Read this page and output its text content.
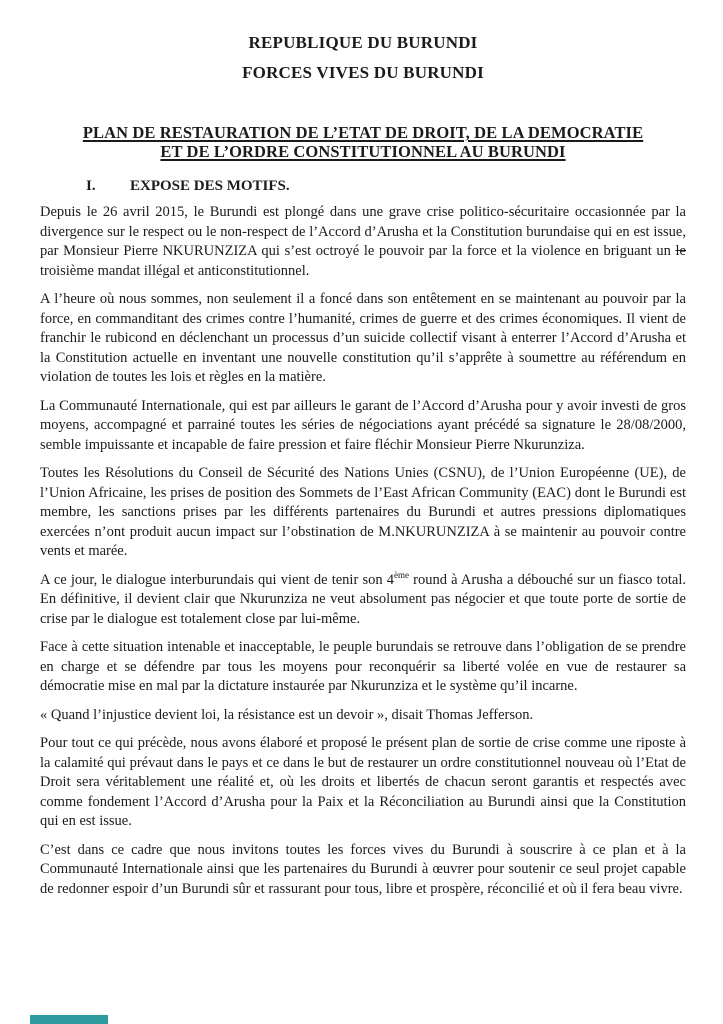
REPUBLIQUE DU BURUNDI
FORCES VIVES DU BURUNDI
PLAN DE RESTAURATION DE L’ETAT DE DROIT, DE LA DEMOCRATIE
ET DE L’ORDRE CONSTITUTIONNEL AU BURUNDI
I.	EXPOSE DES MOTIFS.

Depuis le 26 avril 2015, le Burundi est plongé dans une grave crise politico-sécuritaire occasionnée par la divergence sur le respect ou le non-respect de l’Accord d’Arusha et la Constitution burundaise qui en est issue, par Monsieur Pierre NKURUNZIZA qui s’est octroyé le pouvoir par la force et la violence en briguant un le troisième mandat illégal et anticonstitutionnel.

A l’heure où nous sommes, non seulement il a foncé dans son entêtement en se maintenant au pouvoir par la force, en commanditant des crimes contre l’humanité, crimes de guerre et des crimes économiques. Il vient de franchir le rubicond en déclenchant un processus d’un suicide collectif visant à enterrer l’Accord d’Arusha et la Constitution actuelle en inventant une nouvelle constitution qu’il s’apprête à soumettre au référendum en violation de toutes les lois et règles en la matière.

La Communauté Internationale, qui est par ailleurs le garant de l’Accord d’Arusha pour y avoir investi de gros moyens, accompagné et parrainé toutes les séries de négociations ayant précédé sa signature le 28/08/2000, semble impuissante et incapable de faire pression et faire fléchir Monsieur Pierre Nkurunziza.

Toutes les Résolutions du Conseil de Sécurité des Nations Unies (CSNU), de l’Union Européenne (UE), de l’Union Africaine, les prises de position des Sommets de l’East African Community (EAC) dont le Burundi est membre, les sanctions prises par les différents partenaires du Burundi et autres pressions diplomatiques exercées n’ont produit aucun impact sur l’obstination de M.NKURUNZIZA à se maintenir au pouvoir contre vents et marée.

A ce jour, le dialogue interburundais qui vient de tenir son 4ème round à Arusha a débouché sur un fiasco total. En définitive, il devient clair que Nkurunziza ne veut absolument pas négocier et que toute porte de sortie de crise par le dialogue est totalement close par lui-même.

Face à cette situation intenable et inacceptable, le peuple burundais se retrouve dans l’obligation de se prendre en charge et se défendre par tous les moyens pour reconquérir sa liberté volée en vue de restaurer sa démocratie mise en mal par la dictature instaurée par Nkurunziza et le système qu’il incarne.

« Quand l’injustice devient loi, la résistance est un devoir », disait Thomas Jefferson.

Pour tout ce qui précède, nous avons élaboré et proposé le présent plan de sortie de crise comme une riposte à la calamité qui prévaut dans le pays et ce dans le but de restaurer un ordre constitutionnel nouveau où l’Etat de Droit sera véritablement une réalité et, où les droits et libertés de chacun seront garantis et respectés avec comme fondement l’Accord d’Arusha pour la Paix et la Réconciliation au Burundi ainsi que la Constitution qui en est issue.

C’est dans ce cadre que nous invitons toutes les forces vives du Burundi à souscrire à ce plan et à la Communauté Internationale ainsi que les partenaires du Burundi à œuvrer pour soutenir ce seul projet capable de redonner espoir d’un Burundi sûr et rassurant pour tous, libre et prospère, réconcilié et où il fera beau vivre.
